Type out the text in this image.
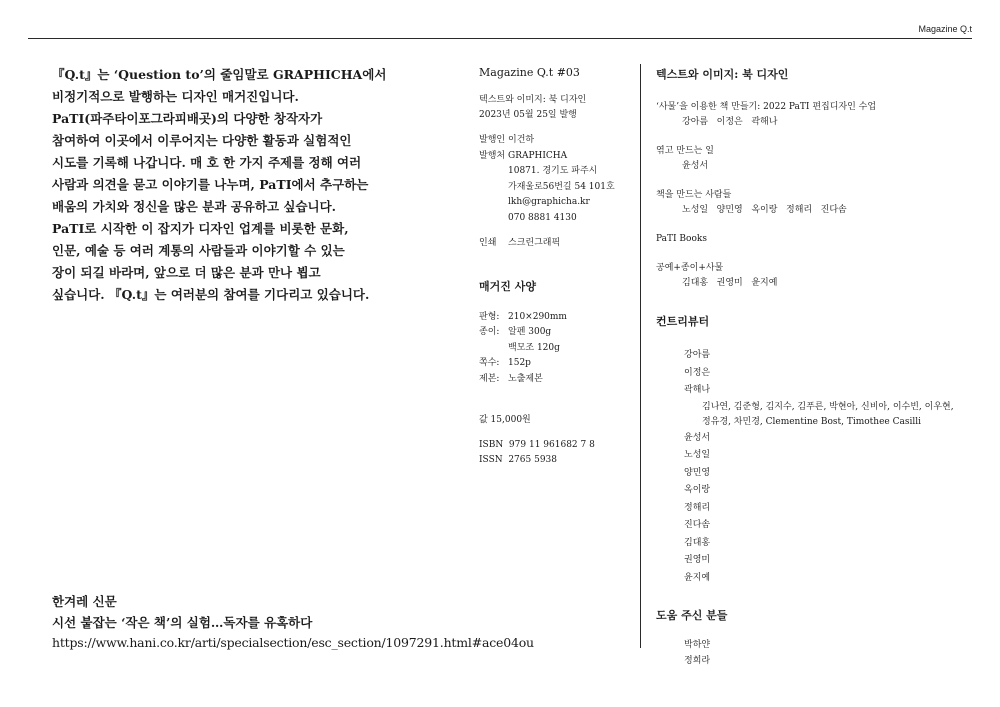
Magazine Q.t

『Q.t』는 ‘Question to’의 줄임말로 GRAPHICHA에서
비정기적으로 발행하는 디자인 매거진입니다.
PaTI(파주타이포그라피배곳)의 다양한 창작자가
참여하여 이곳에서 이루어지는 다양한 활동과 실험적인
시도를 기록해 나갑니다. 매 호 한 가지 주제를 정해 여러
사람과 의견을 묻고 이야기를 나누며, PaTI에서 추구하는
배움의 가치와 정신을 많은 분과 공유하고 싶습니다.
PaTI로 시작한 이 잡지가 디자인 업계를 비롯한 문화,
인문, 예술 등 여러 계통의 사람들과 이야기할 수 있는
장이 되길 바라며, 앞으로 더 많은 분과 만나 뵙고
싶습니다. 『Q.t』는 여러분의 참여를 기다리고 있습니다.

한겨레 신문
시선 붙잡는 ‘작은 책’의 실험…독자를 유혹하다
https://www.hani.co.kr/arti/specialsection/esc_section/1097291.html#ace04ou
Magazine Q.t #03
텍스트와 이미지: 북 디자인
2023년 05월 25일 발행
발행인 이건하
발행처 GRAPHICHA
10871. 경기도 파주시
가재울로56번길 54 101호
lkh@graphicha.kr
070 8881 4130
인쇄	스크린그래픽
매거진 사양
판형: 210×290mm
종이: 알펜 300g
백모조 120g
쪽수: 152p
제본: 노출제본
값 15,000원
ISBN  979 11 961682 7 8
ISSN  2765 5938
텍스트와 이미지: 북 디자인
‘사물’을 이용한 책 만들기: 2022 PaTI 편집디자인 수업
강아름   이정은   곽해나
엮고 만드는 일
윤성서
책을 만드는 사람들
노성일   양민영   옥이랑   정해리   진다솜
PaTI Books
공예+종이+사물
김대홍   권영미   윤지예
컨트리뷰터
강아름
이정은
곽해나
김나연, 김준형, 김지수, 김푸른, 박현아, 신비아, 이수빈, 이우현,
정유경, 차민경, Clementine Bost, Timothee Casilli
윤성서
노성일
양민영
옥이랑
정해리
진다솜
김대홍
권영미
윤지예
도움 주신 분들
박하얀
정희라
